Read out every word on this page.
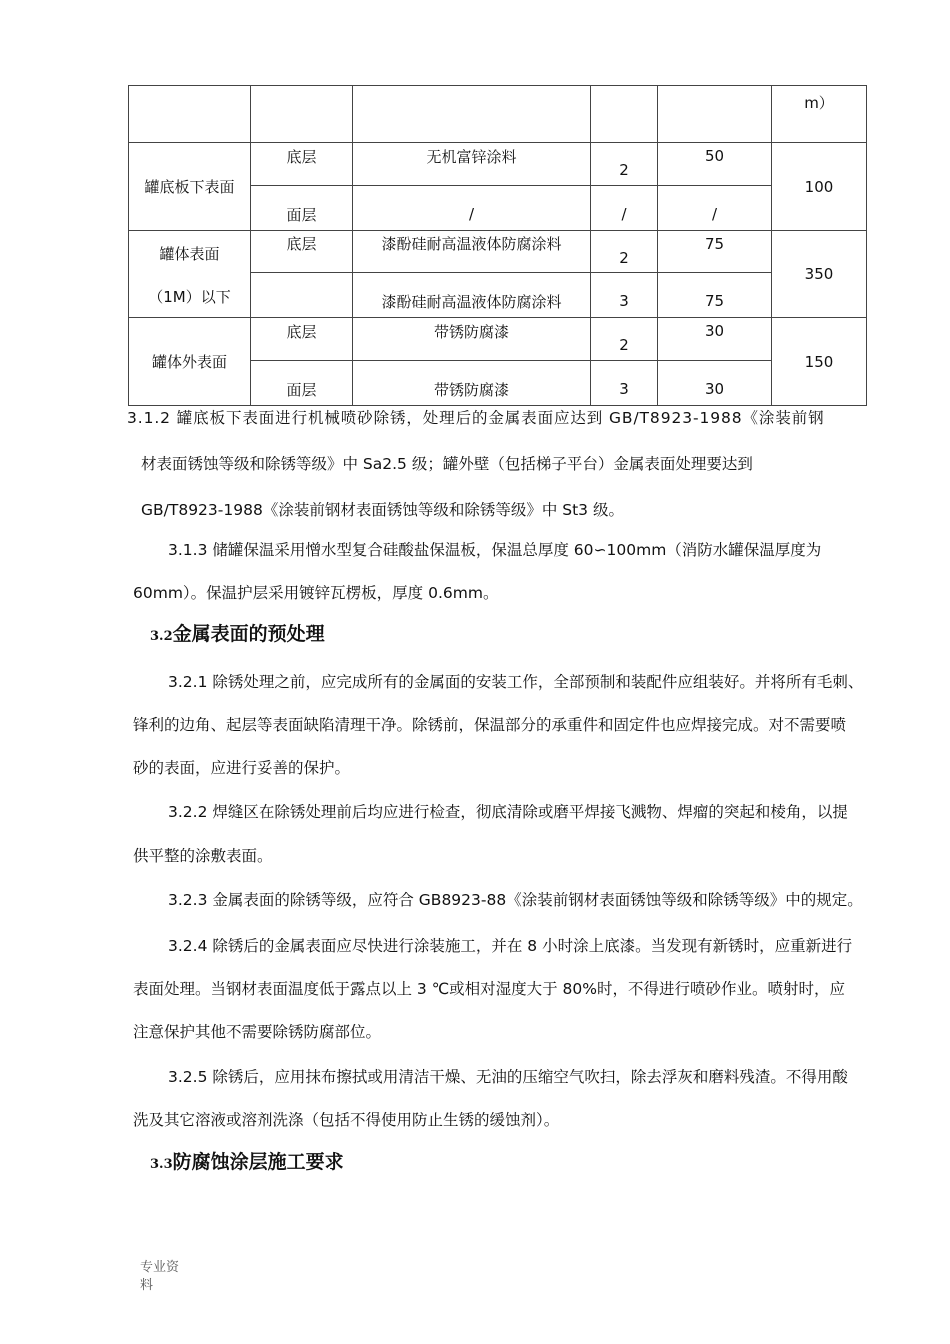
					m）
罐底板下表面	底层	无机富锌涂料	2	50	100
	面层	/	/	/	

罐体表面
（1M）以下	底层	漆酚硅耐高温液体防腐涂料	2	75	350
		漆酚硅耐高温液体防腐涂料	3	75	
罐体外表面	底层	带锈防腐漆	2	30	150
	面层	带锈防腐漆	3	30	
3.1.2 罐底板下表面进行机械喷砂除锈，处理后的金属表面应达到 GB/T8923-1988《涂装前钢
材表面锈蚀等级和除锈等级》中 Sa2.5 级；罐外壁（包括梯子平台）金属表面处理要达到
GB/T8923-1988《涂装前钢材表面锈蚀等级和除锈等级》中 St3 级。
3.1.3 储罐保温采用憎水型复合硅酸盐保温板，保温总厚度 60∽100mm（消防水罐保温厚度为
60mm）。保温护层采用镀锌瓦楞板，厚度 0.6mm。
3.2金属表面的预处理
3.2.1 除锈处理之前，应完成所有的金属面的安装工作，全部预制和装配件应组装好。并将所有毛刺、
锋利的边角、起层等表面缺陷清理干净。除锈前，保温部分的承重件和固定件也应焊接完成。对不需要喷
砂的表面，应进行妥善的保护。
3.2.2 焊缝区在除锈处理前后均应进行检查，彻底清除或磨平焊接飞溅物、焊瘤的突起和棱角，以提
供平整的涂敷表面。
3.2.3 金属表面的除锈等级，应符合 GB8923-88《涂装前钢材表面锈蚀等级和除锈等级》中的规定。
3.2.4 除锈后的金属表面应尽快进行涂装施工，并在 8 小时涂上底漆。当发现有新锈时，应重新进行
表面处理。当钢材表面温度低于露点以上 3 ℃或相对湿度大于 80%时，不得进行喷砂作业。喷射时，应
注意保护其他不需要除锈防腐部位。
3.2.5 除锈后，应用抹布擦拭或用清洁干燥、无油的压缩空气吹扫，除去浮灰和磨料残渣。不得用酸
洗及其它溶液或溶剂洗涤（包括不得使用防止生锈的缓蚀剂）。
3.3防腐蚀涂层施工要求
专业资
料
